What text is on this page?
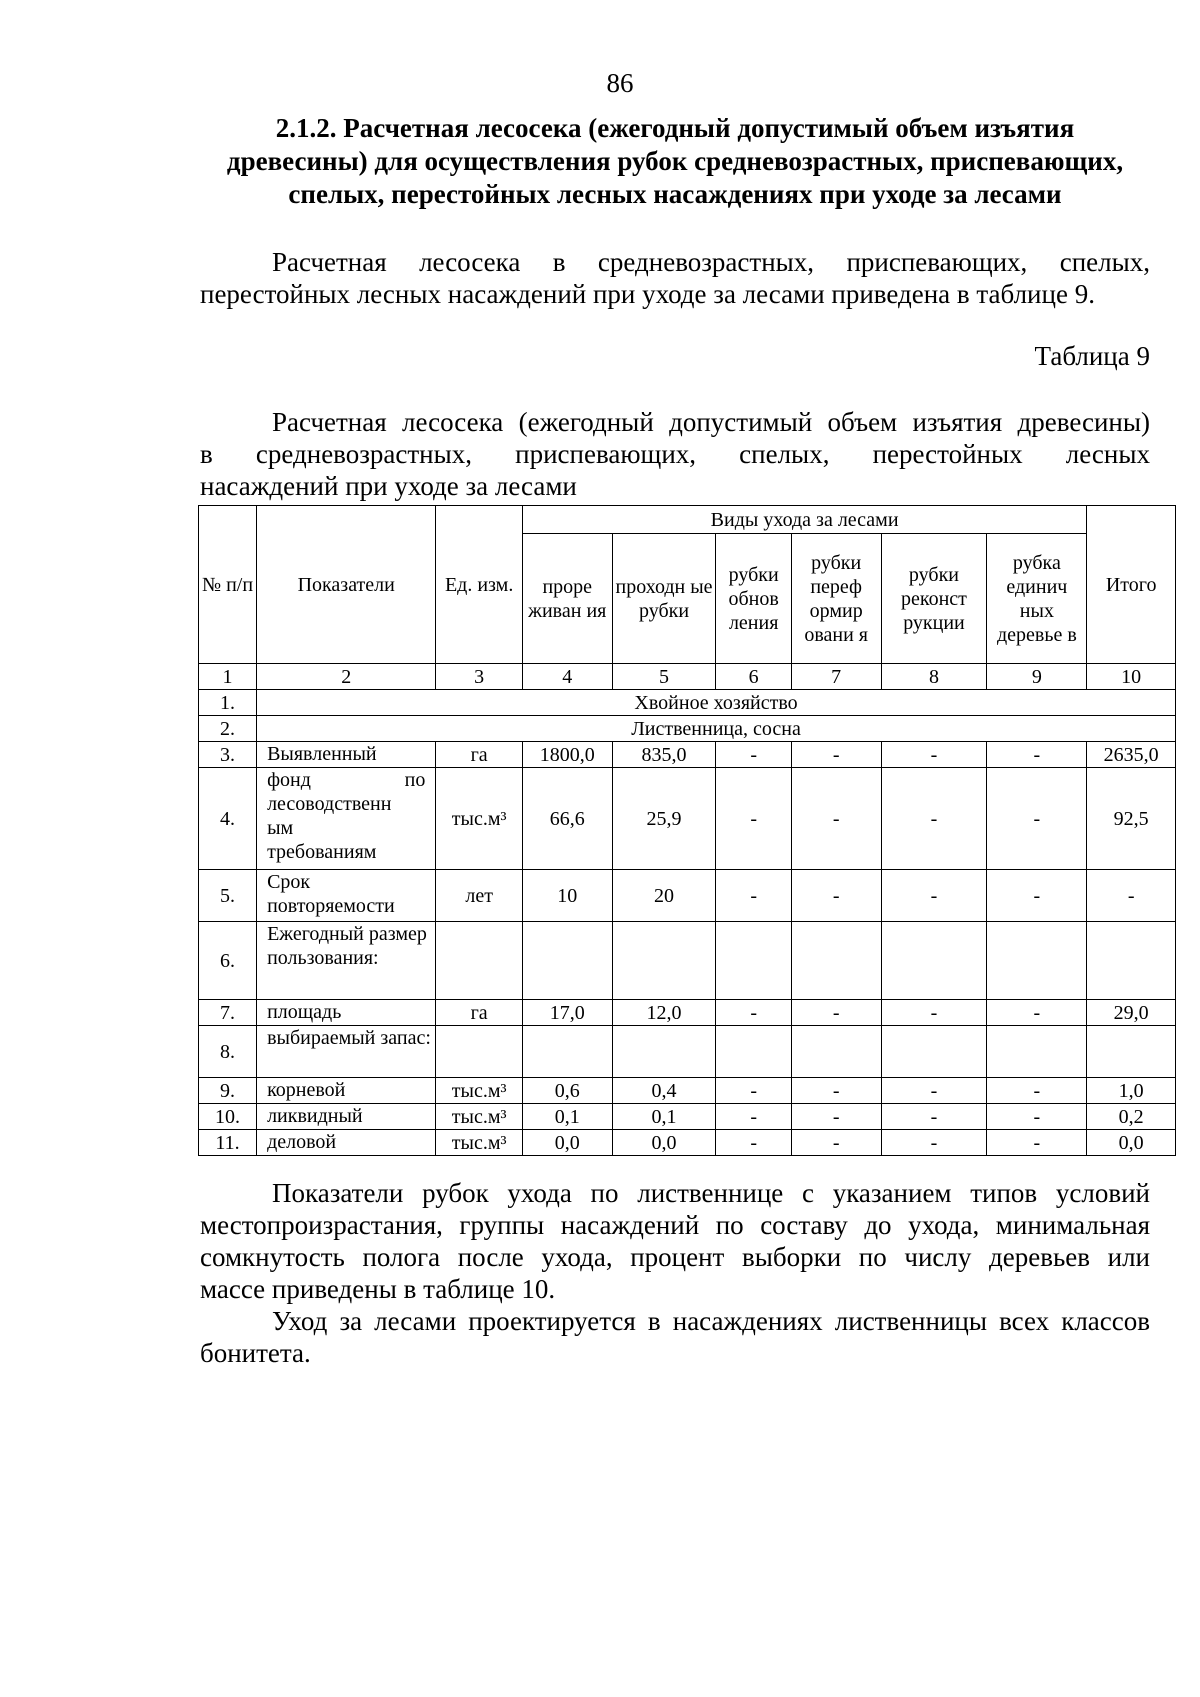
86
2.1.2. Расчетная лесосека (ежегодный допустимый объем изъятия
древесины) для осуществления рубок средневозрастных, приспевающих,
спелых, перестойных лесных насаждениях при уходе за лесами
Расчетная лесосека в средневозрастных, приспевающих, спелых,
перестойных лесных насаждений при уходе за лесами приведена в таблице 9.
Таблица 9
Расчетная лесосека (ежегодный допустимый объем изъятия древесины)
в средневозрастных, приспевающих, спелых, перестойных лесных
насаждений при уходе за лесами
№ п/п	Показатели	Ед. изм.	Виды ухода за лесами						Итого
			проре живан ия	проходн ые рубки	рубки обнов ления	рубки переф ормир овани я	рубки реконст рукции	рубка единич ных деревье в	
1	2	3	4	5	6	7	8	9	10
1.	Хвойное хозяйство								
2.	Лиственница, сосна								
3.	Выявленный	га	1800,0	835,0	-	-	-	-	2635,0
4.	фонд по
лесоводственн
ым
требованиям	тыс.м³	66,6	25,9	-	-	-	-	92,5
5.	Срок повторяемости	лет	10	20	-	-	-	-	-
6.	Ежегодный размер пользования:								
7.	площадь	га	17,0	12,0	-	-	-	-	29,0
8.	выбираемый запас:								
9.	корневой	тыс.м³	0,6	0,4	-	-	-	-	1,0
10.	ликвидный	тыс.м³	0,1	0,1	-	-	-	-	0,2
11.	деловой	тыс.м³	0,0	0,0	-	-	-	-	0,0
Показатели рубок ухода по лиственнице с указанием типов условий
местопроизрастания, группы насаждений по составу до ухода, минимальная
сомкнутость полога после ухода, процент выборки по числу деревьев или
массе приведены в таблице 10.
Уход за лесами проектируется в насаждениях лиственницы всех классов
бонитета.
